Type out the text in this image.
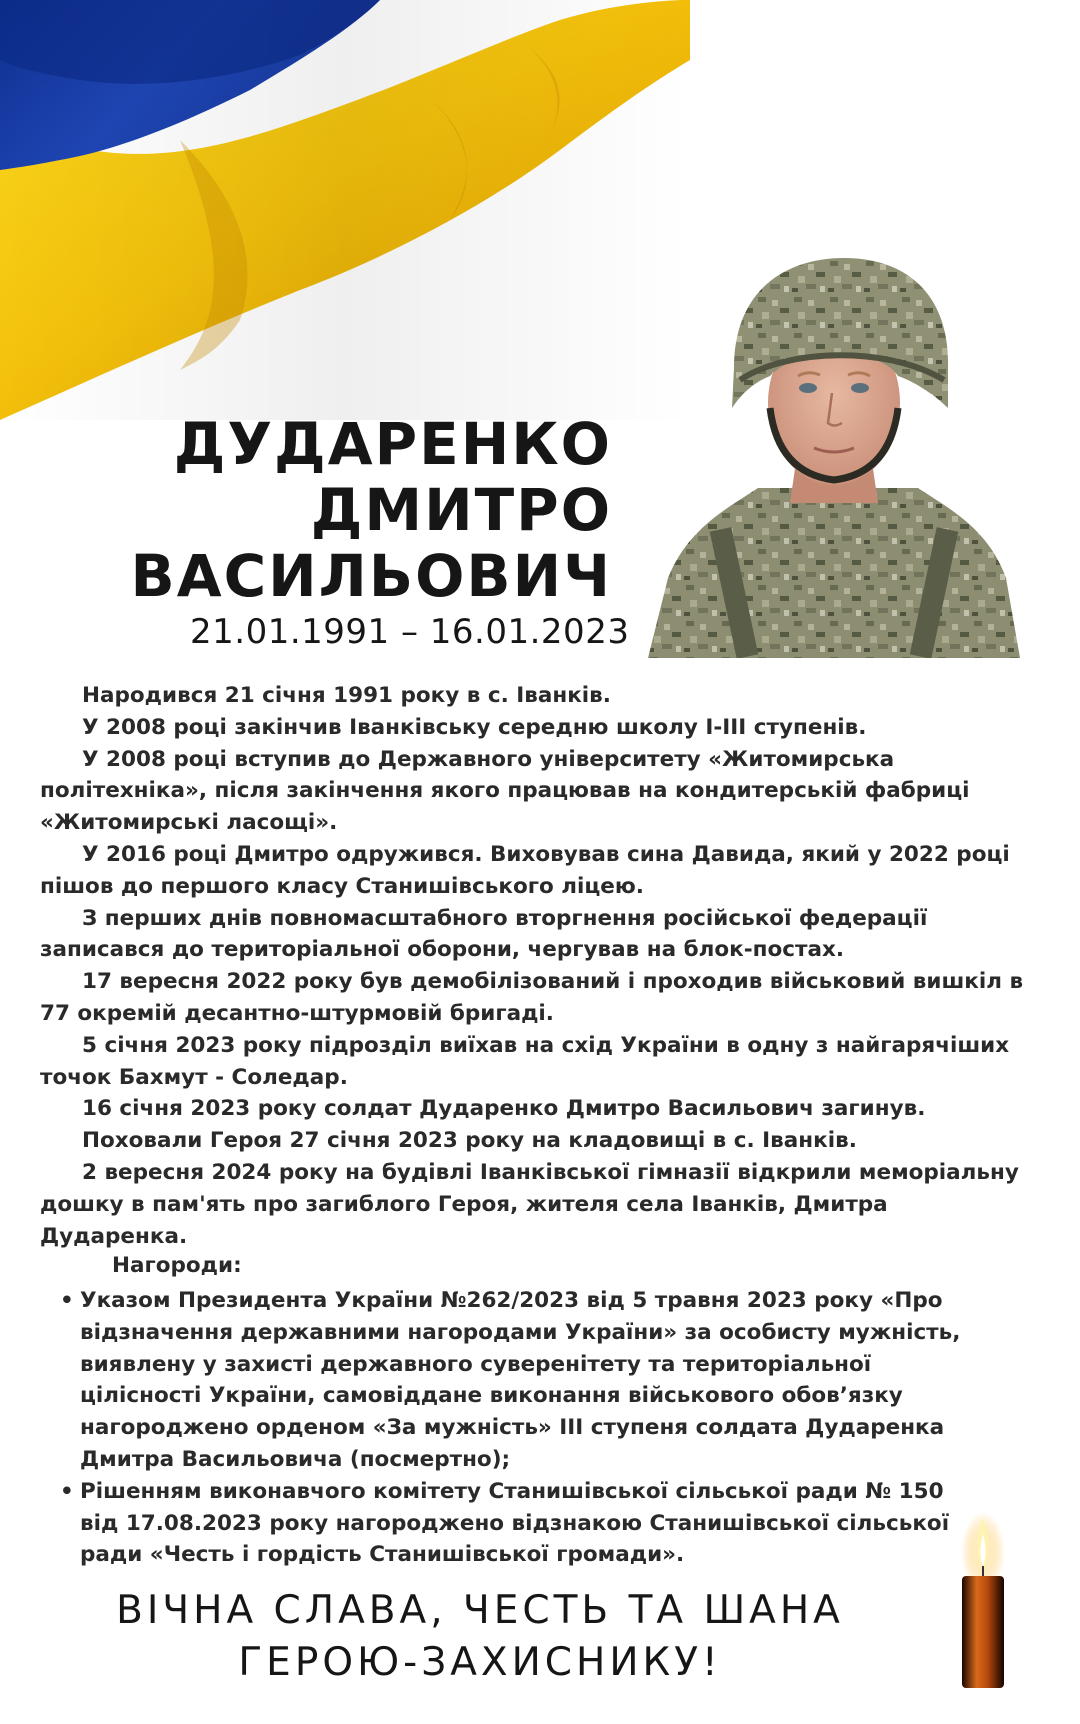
ДУДАРЕНКО
ДМИТРО
ВАСИЛЬОВИЧ

21.01.1991 – 16.01.2023

Народився 21 січня 1991 року в с. Іванків.

У 2008 році закінчив Іванківську середню школу І-ІІІ ступенів.

У 2008 році вступив до Державного університету «Житомирська політехніка», після закінчення якого працював на кондитерській фабриці «Житомирські ласощі».

У 2016 році Дмитро одружився. Виховував сина Давида, який у 2022 році пішов до першого класу Станишівського ліцею.

З перших днів повномасштабного вторгнення російської федерації записався до територіальної оборони, чергував на блок-постах.

17 вересня 2022 року був демобілізований і проходив військовий вишкіл в 77 окремій десантно-штурмовій бригаді.

5 січня 2023 року підрозділ виїхав на схід України в одну з найгарячіших точок Бахмут - Соледар.

16 січня 2023 року солдат Дударенко Дмитро Васильович загинув.

Поховали Героя 27 січня 2023 року на кладовищі в с. Іванків.

2 вересня 2024 року на будівлі Іванківської гімназії відкрили меморіальну дошку в пам'ять про загиблого Героя, жителя села Іванків, Дмитра Дударенка.

Нагороди:

• Указом Президента України №262/2023 від 5 травня 2023 року «Про відзначення державними нагородами України» за особисту мужність, виявлену у захисті державного суверенітету та територіальної цілісності України, самовіддане виконання військового обов’язку нагороджено орденом «За мужність» ІІІ ступеня солдата Дударенка Дмитра Васильовича (посмертно);
• Рішенням виконавчого комітету Станишівської сільської ради № 150 від 17.08.2023 року нагороджено відзнакою Станишівської сільської ради «Честь і гордість Станишівської громади».
ВІЧНА СЛАВА, ЧЕСТЬ ТА ШАНА
ГЕРОЮ-ЗАХИСНИКУ!
